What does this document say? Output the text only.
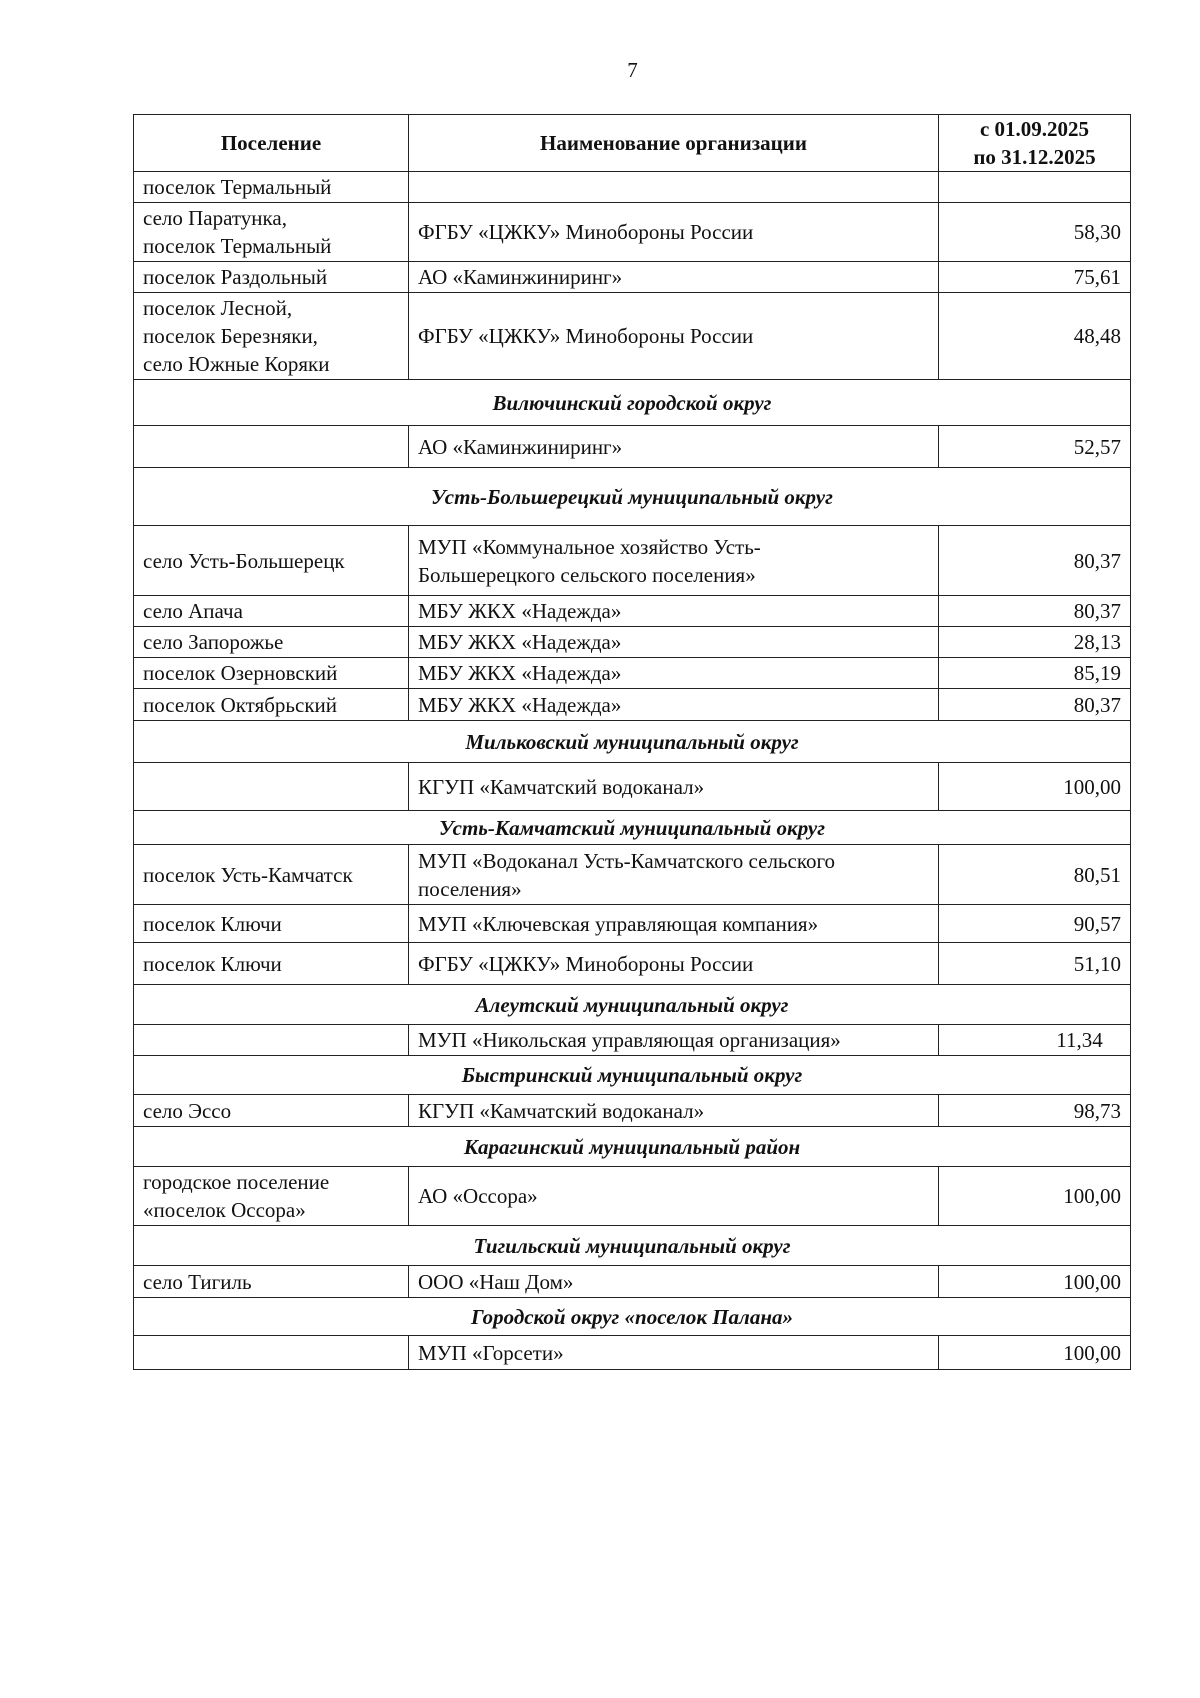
7
Поселение	Наименование организации	с 01.09.2025
по 31.12.2025
поселок Термальный		
село Паратунка,
поселок Термальный	ФГБУ «ЦЖКУ» Минобороны России	58,30
поселок Раздольный	АО «Каминжиниринг»	75,61
поселок Лесной,
поселок Березняки,
село Южные Коряки	ФГБУ «ЦЖКУ» Минобороны России	48,48
Вилючинский городской округ		
	АО «Каминжиниринг»	52,57
Усть-Большерецкий муниципальный округ		
село Усть-Большерецк	МУП «Коммунальное хозяйство Усть-
Большерецкого сельского поселения»	80,37
село Апача	МБУ ЖКХ «Надежда»	80,37
село Запорожье	МБУ ЖКХ «Надежда»	28,13
поселок Озерновский	МБУ ЖКХ «Надежда»	85,19
поселок Октябрьский	МБУ ЖКХ «Надежда»	80,37
Мильковский муниципальный округ		
	КГУП «Камчатский водоканал»	100,00
Усть-Камчатский муниципальный округ		
поселок Усть-Камчатск	МУП «Водоканал Усть-Камчатского сельского
поселения»	80,51
поселок Ключи	МУП «Ключевская управляющая компания»	90,57
поселок Ключи	ФГБУ «ЦЖКУ» Минобороны России	51,10
Алеутский муниципальный округ		
	МУП «Никольская управляющая организация»	11,34
Быстринский муниципальный округ		
село Эссо	КГУП «Камчатский водоканал»	98,73
Карагинский муниципальный район		
городское поселение
«поселок Оссора»	АО «Оссора»	100,00
Тигильский муниципальный округ		
село Тигиль	ООО «Наш Дом»	100,00
Городской округ «поселок Палана»		
	МУП «Горсети»	100,00
